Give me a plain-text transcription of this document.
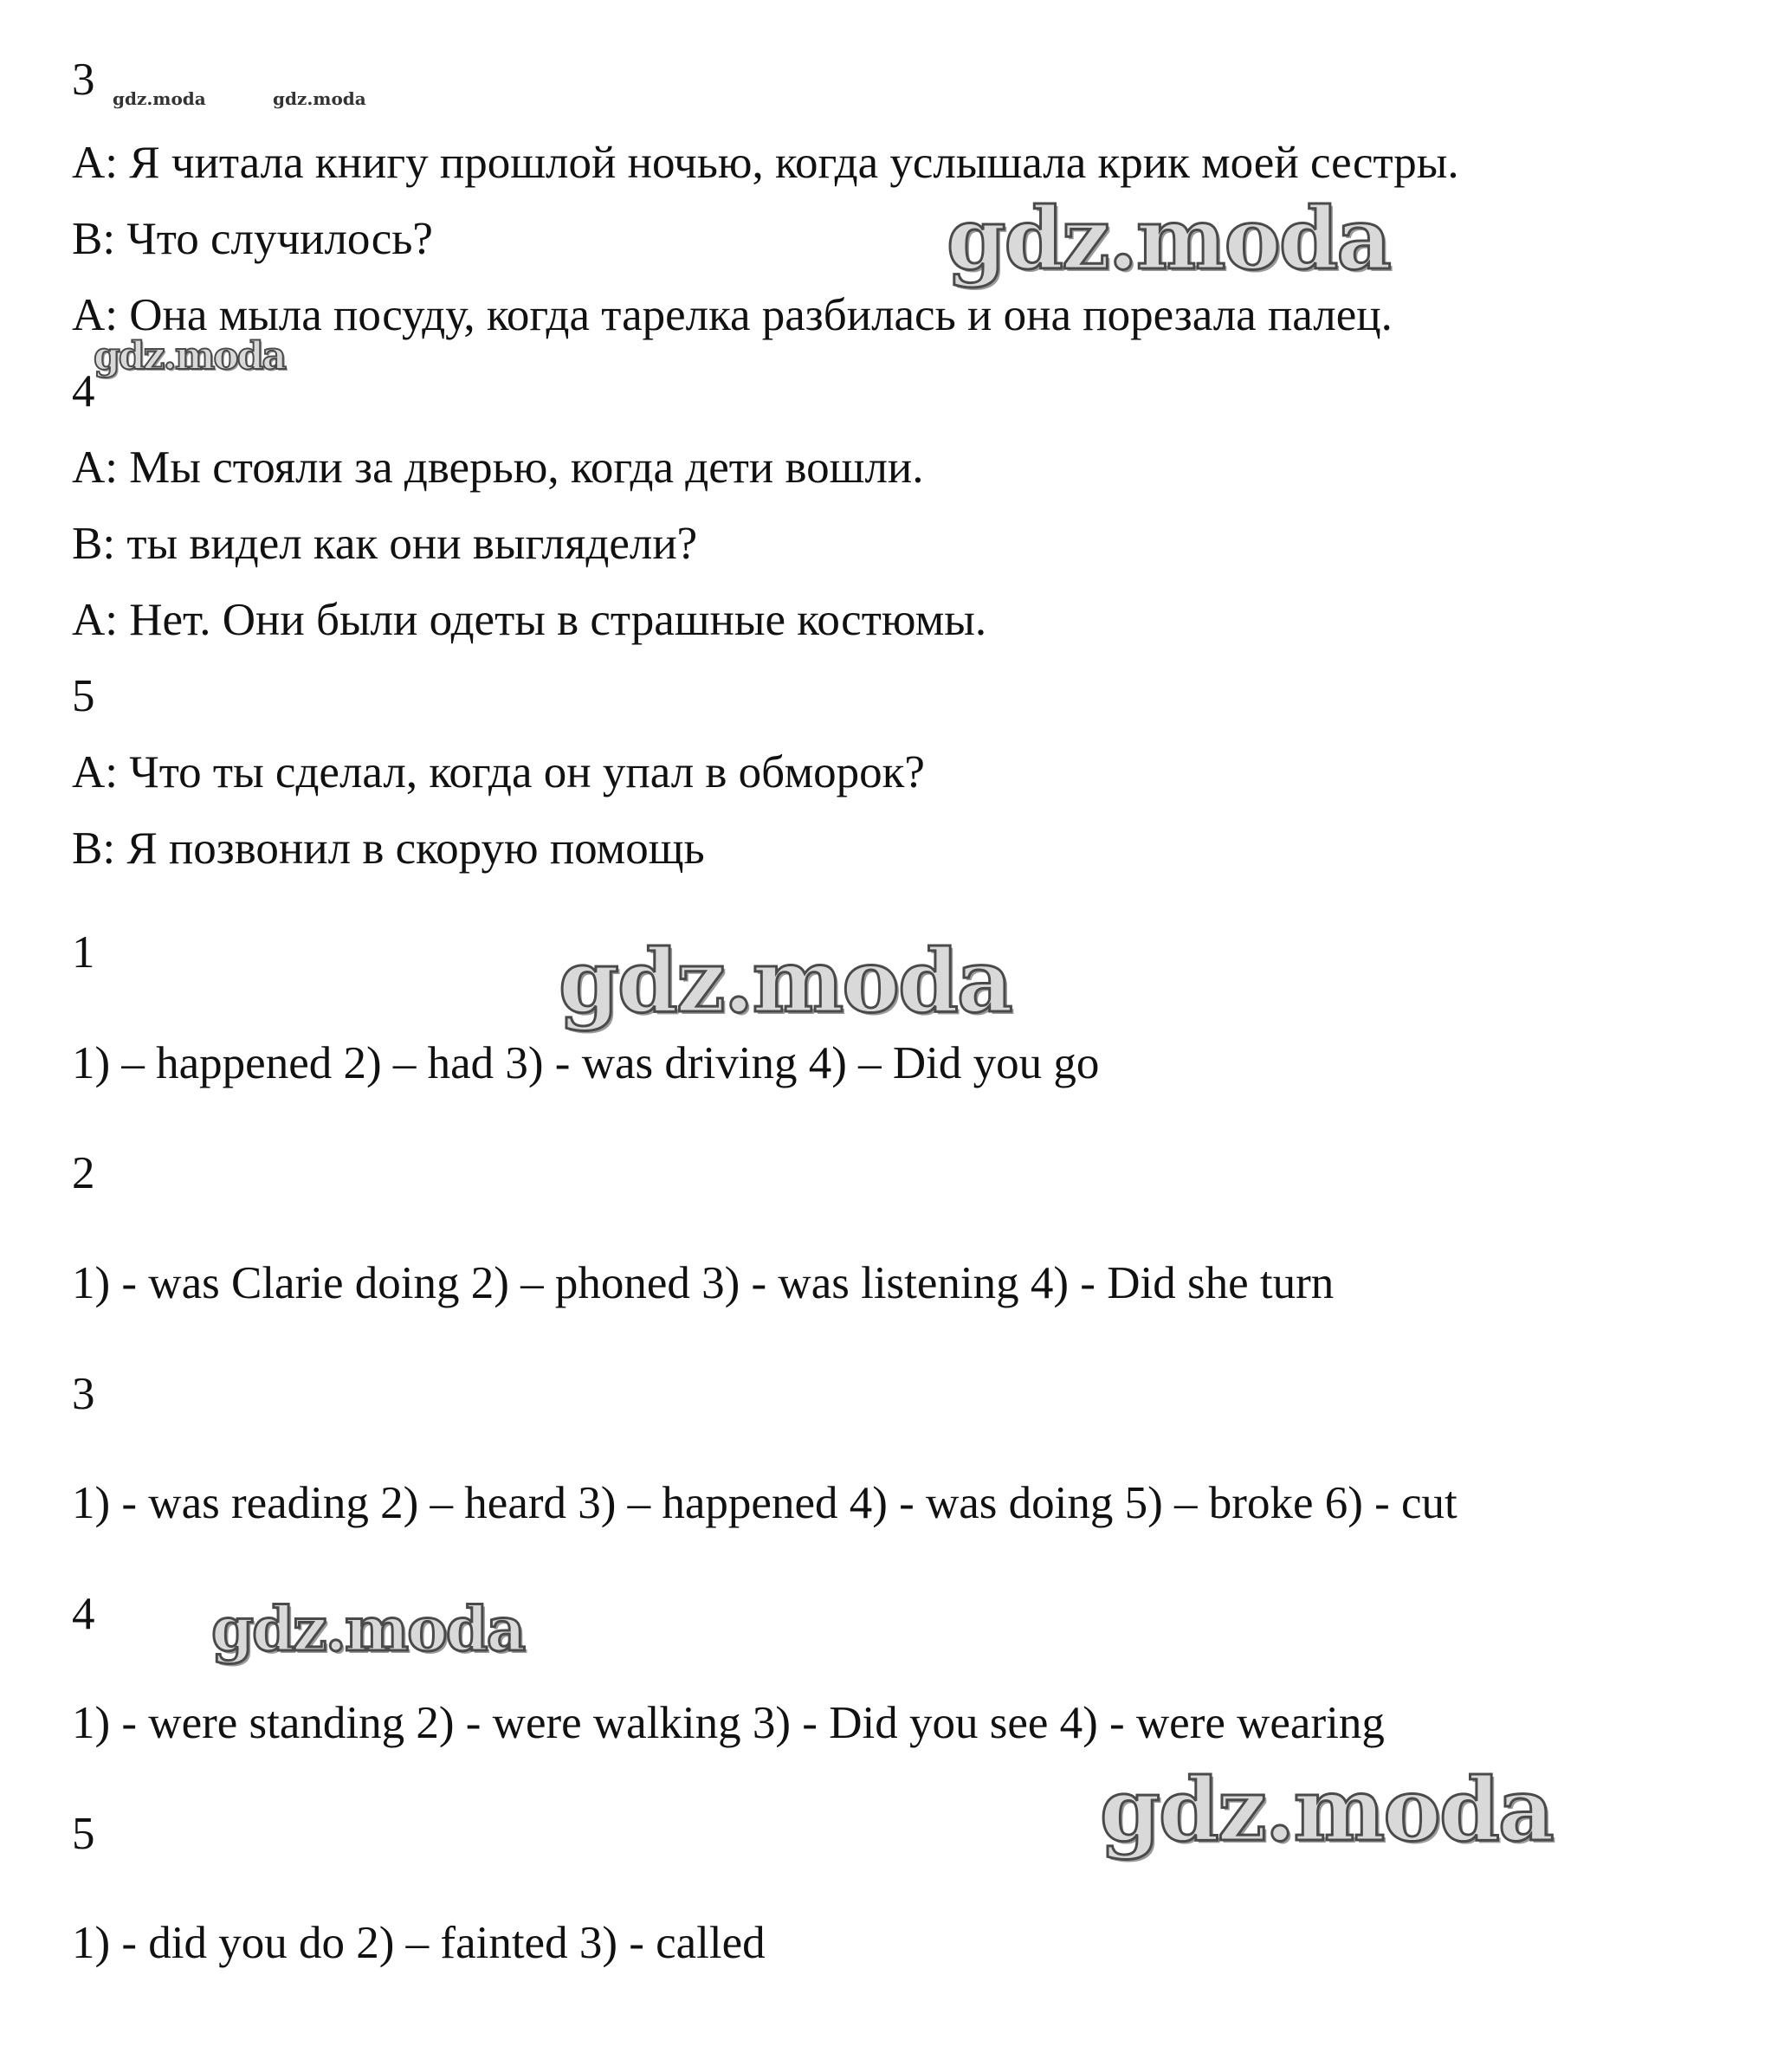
3

А: Я читала книгу прошлой ночью, когда услышала крик моей сестры.

В: Что случилось?

А: Она мыла посуду, когда тарелка разбилась и она порезала палец.

4

А: Мы стояли за дверью, когда дети вошли.

В: ты видел как они выглядели?

А: Нет. Они были одеты в страшные костюмы.

5

А: Что ты сделал, когда он упал в обморок?

В: Я позвонил в скорую помощь

1

1) – happened 2) – had 3) - was driving 4) – Did you go

2

1) - was Clarie doing 2) – phoned 3) - was listening 4) - Did she turn

3

1) - was reading 2) – heard 3) – happened 4) - was doing 5) – broke 6) - cut

4

1) - were standing 2) - were walking 3) - Did you see 4) - were wearing

5

1) - did you do 2) – fainted 3) - called

gdz.moda	gdz.moda
gdz.moda
gdz.moda
gdz.moda
gdz.moda
gdz.moda
